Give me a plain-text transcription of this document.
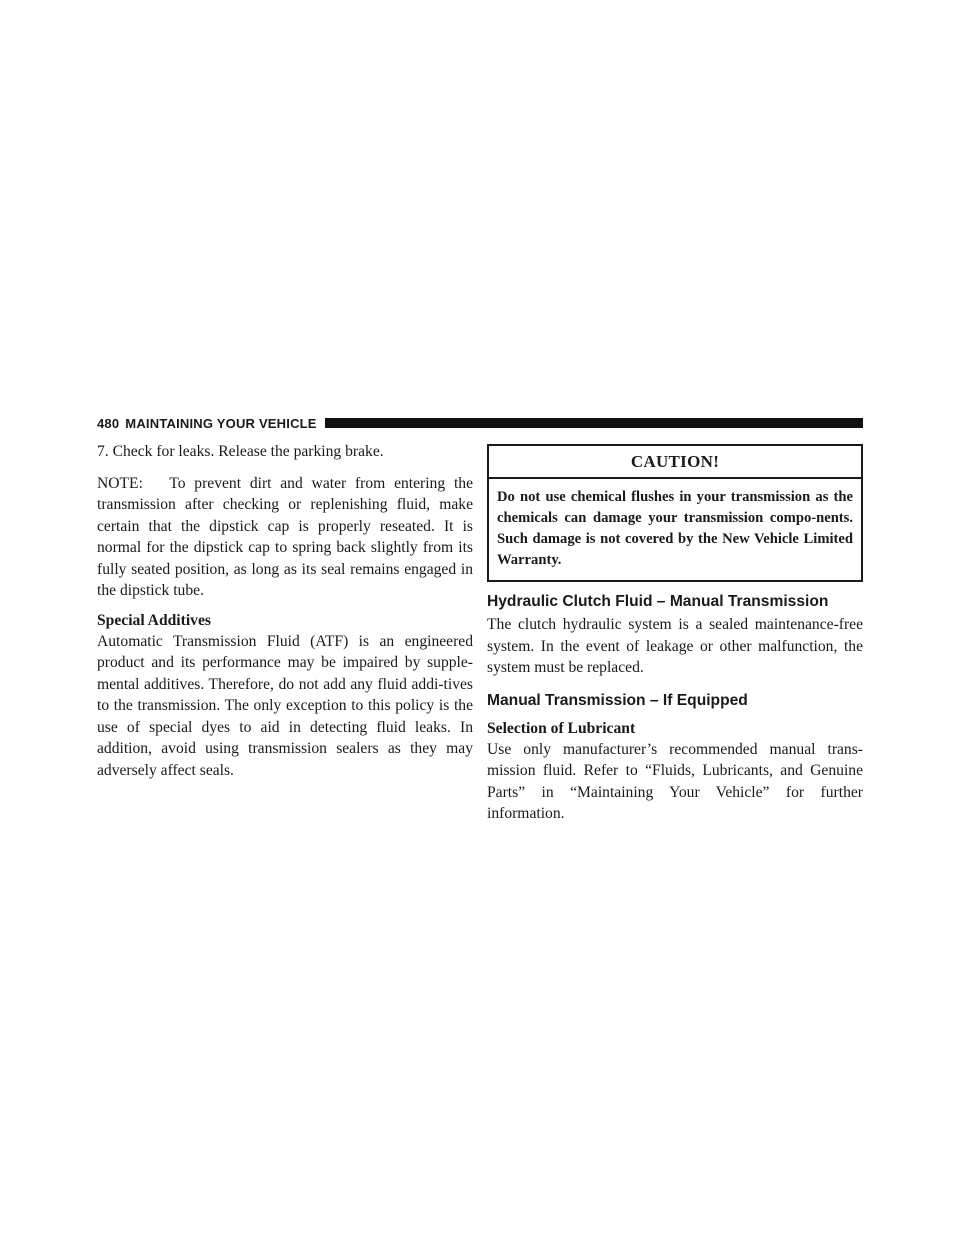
480 MAINTAINING YOUR VEHICLE

7. Check for leaks. Release the parking brake.

NOTE: To prevent dirt and water from entering the transmission after checking or replenishing fluid, make certain that the dipstick cap is properly reseated. It is normal for the dipstick cap to spring back slightly from its fully seated position, as long as its seal remains engaged in the dipstick tube.

Special Additives

Automatic Transmission Fluid (ATF) is an engineered product and its performance may be impaired by supple-mental additives. Therefore, do not add any fluid addi-tives to the transmission. The only exception to this policy is the use of special dyes to aid in detecting fluid leaks. In addition, avoid using transmission sealers as they may adversely affect seals.

CAUTION!
Do not use chemical flushes in your transmission as the chemicals can damage your transmission compo-nents. Such damage is not covered by the New Vehicle Limited Warranty.
Hydraulic Clutch Fluid – Manual Transmission

The clutch hydraulic system is a sealed maintenance-free system. In the event of leakage or other malfunction, the system must be replaced.

Manual Transmission – If Equipped
Selection of Lubricant

Use only manufacturer’s recommended manual trans-mission fluid. Refer to “Fluids, Lubricants, and Genuine Parts” in “Maintaining Your Vehicle” for further information.
